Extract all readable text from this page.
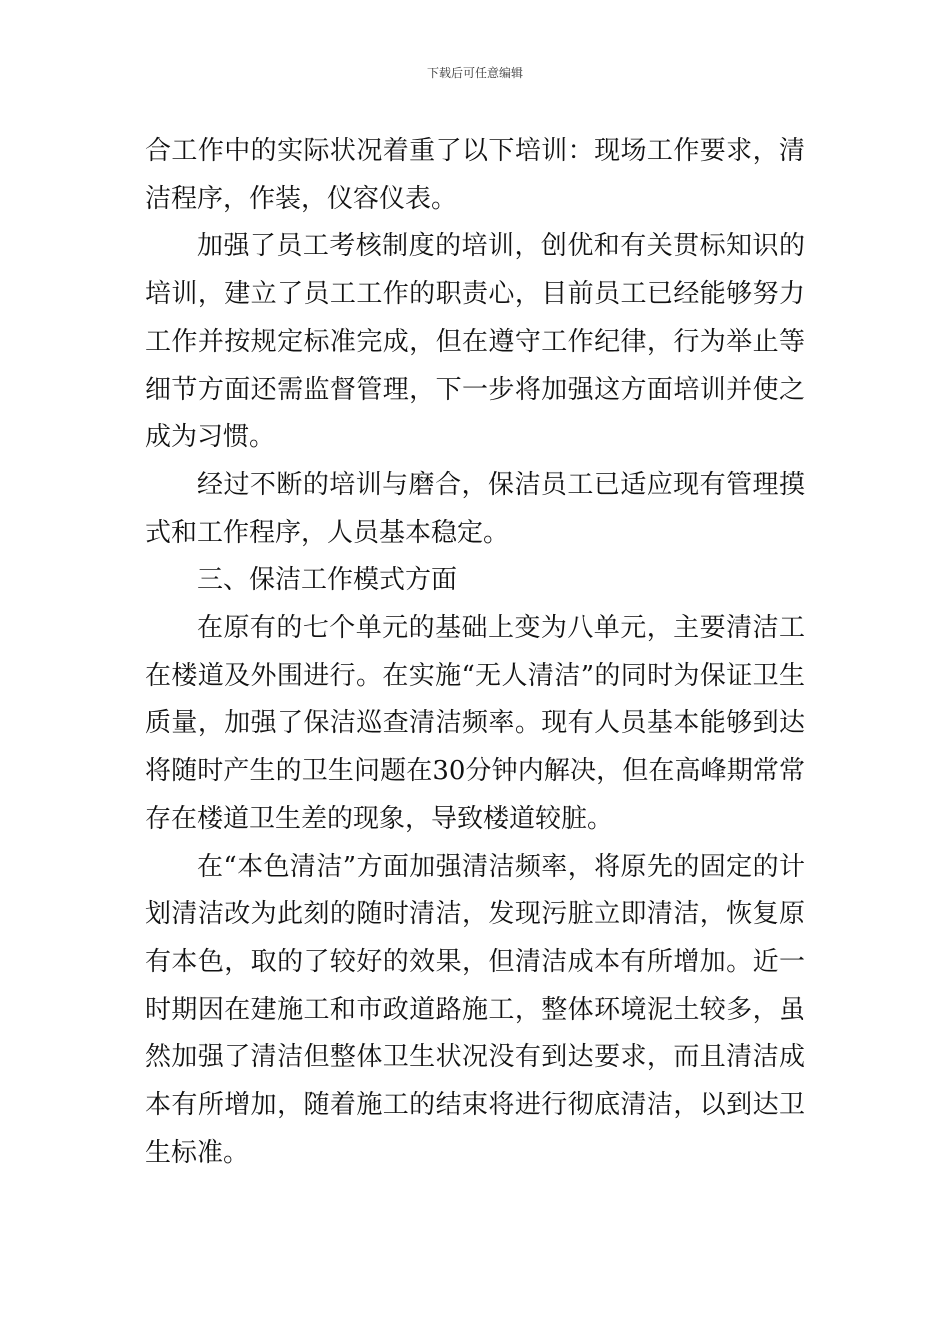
下载后可任意编辑

合工作中的实际状况着重了以下培训：现场工作要求，清洁程序，作装，仪容仪表。

加强了员工考核制度的培训，创优和有关贯标知识的培训，建立了员工工作的职责心，目前员工已经能够努力工作并按规定标准完成，但在遵守工作纪律，行为举止等细节方面还需监督管理，下一步将加强这方面培训并使之成为习惯。

经过不断的培训与磨合，保洁员工已适应现有管理摸式和工作程序，人员基本稳定。

三、保洁工作模式方面

在原有的七个单元的基础上变为八单元，主要清洁工在楼道及外围进行。在实施“无人清洁”的同时为保证卫生质量，加强了保洁巡查清洁频率。现有人员基本能够到达将随时产生的卫生问题在30分钟内解决，但在高峰期常常存在楼道卫生差的现象，导致楼道较脏。

在“本色清洁”方面加强清洁频率，将原先的固定的计划清洁改为此刻的随时清洁，发现污脏立即清洁，恢复原有本色，取的了较好的效果，但清洁成本有所增加。近一时期因在建施工和市政道路施工，整体环境泥土较多，虽然加强了清洁但整体卫生状况没有到达要求，而且清洁成本有所增加，随着施工的结束将进行彻底清洁，以到达卫生标准。
